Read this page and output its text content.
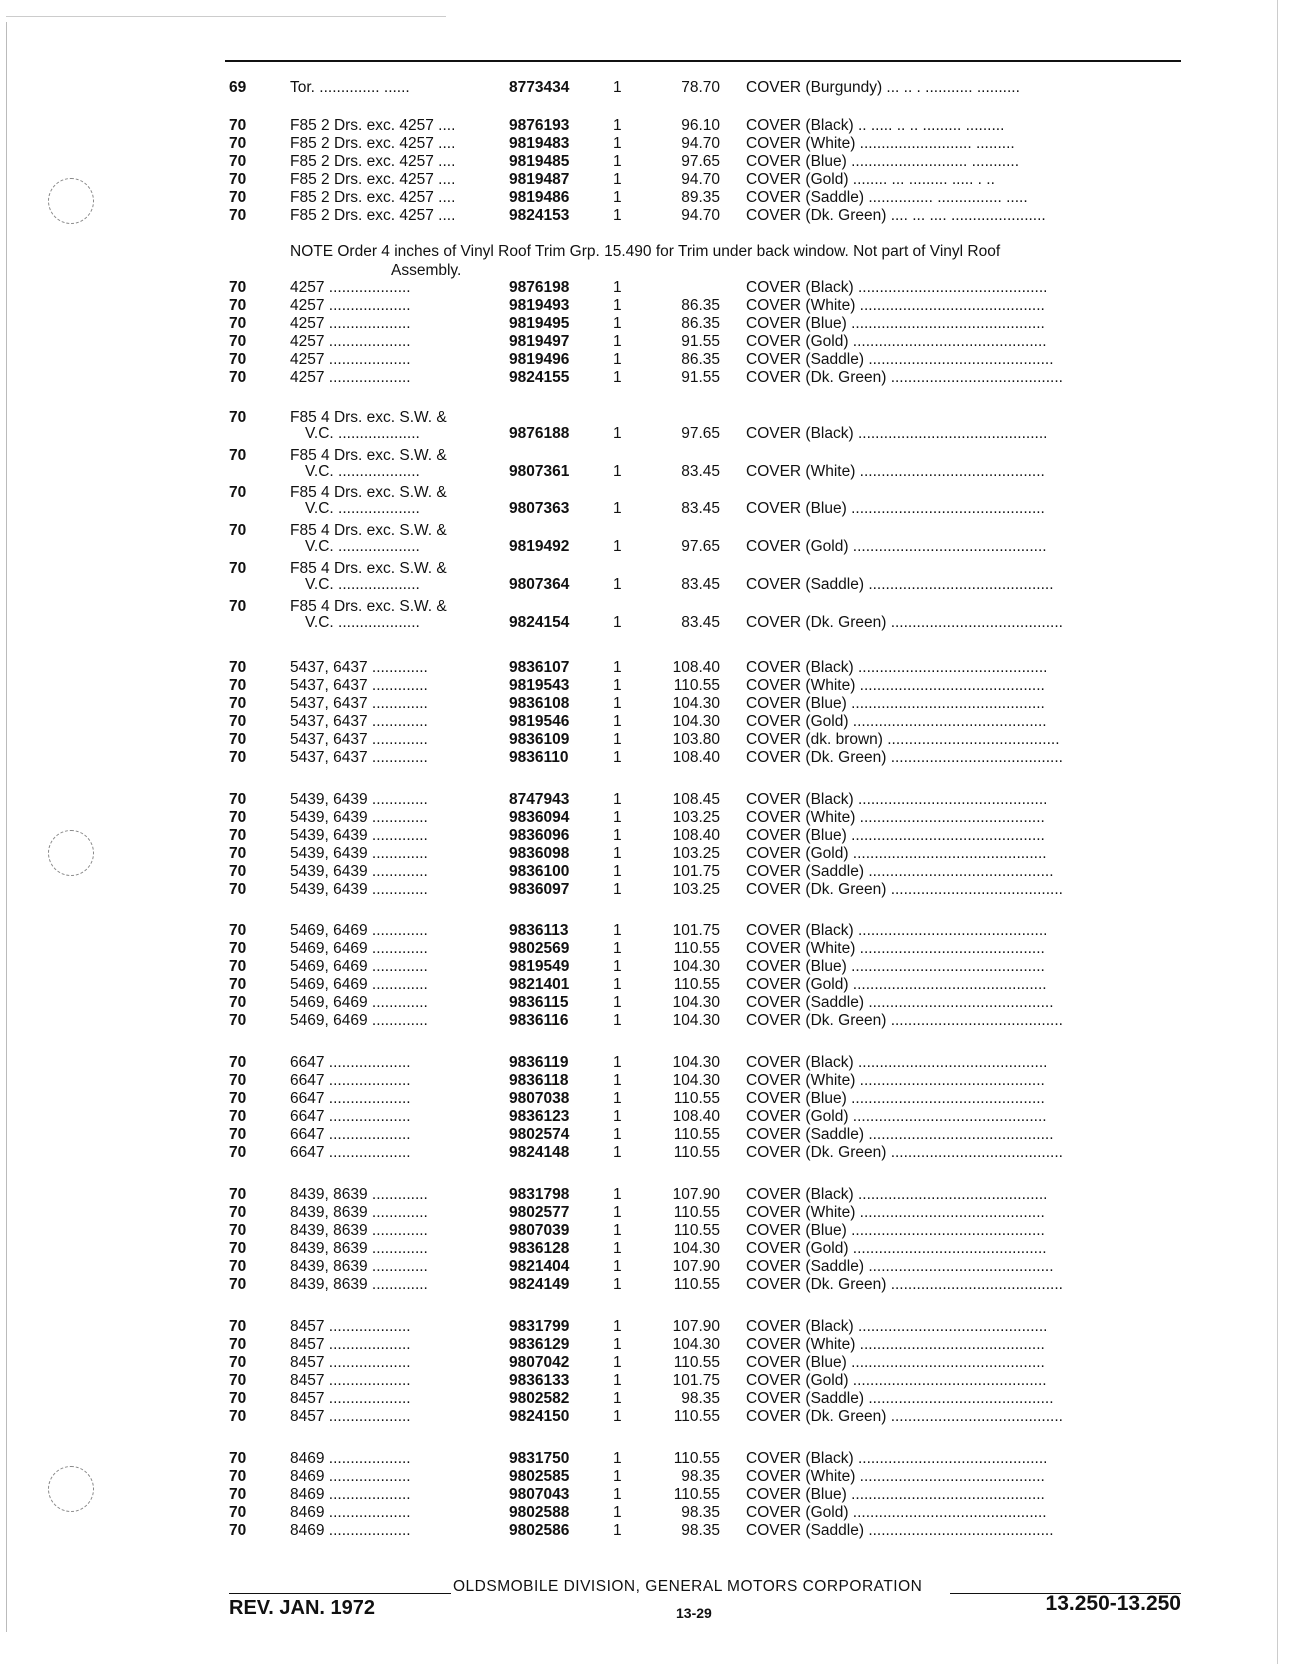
69	Tor. .............. ......	8773434	1	78.70 COVER (Burgundy) ... .. . ........... ..........
70	F85 2 Drs. exc. 4257 ....	9876193	1	96.10 COVER (Black) .. ..... .. .. ......... .........
70	F85 2 Drs. exc. 4257 ....	9819483	1	94.70 COVER (White) .......................... .........
70	F85 2 Drs. exc. 4257 ....	9819485	1	97.65 COVER (Blue) ........................... ...........
70	F85 2 Drs. exc. 4257 ....	9819487	1	94.70 COVER (Gold) ........ ... ......... ..... . ..
70	F85 2 Drs. exc. 4257 ....	9819486	1	89.35 COVER (Saddle) ............... ............... .....
70	F85 2 Drs. exc. 4257 ....	9824153	1	94.70 COVER (Dk. Green) .... ... .... ......................
70	4257 ...................	9876198	1	COVER (Black) ............................................
70	4257 ...................	9819493	1	86.35 COVER (White) ...........................................
70	4257 ...................	9819495	1	86.35 COVER (Blue) .............................................
70	4257 ...................	9819497	1	91.55 COVER (Gold) .............................................
70	4257 ...................	9819496	1	86.35 COVER (Saddle) ...........................................
70	4257 ...................	9824155	1	91.55 COVER (Dk. Green) ........................................
70	F85 4 Drs. exc. S.W. &
V.C. ...................	9876188	1	97.65 COVER (Black) ............................................
70	F85 4 Drs. exc. S.W. &
V.C. ...................	9807361	1	83.45 COVER (White) ...........................................
70	F85 4 Drs. exc. S.W. &
V.C. ...................	9807363	1	83.45 COVER (Blue) .............................................
70	F85 4 Drs. exc. S.W. &
V.C. ...................	9819492	1	97.65 COVER (Gold) .............................................
70	F85 4 Drs. exc. S.W. &
V.C. ...................	9807364	1	83.45 COVER (Saddle) ...........................................
70	F85 4 Drs. exc. S.W. &
V.C. ...................	9824154	1	83.45 COVER (Dk. Green) ........................................
70	5437, 6437 .............	9836107	1	108.40 COVER (Black) ............................................
70	5437, 6437 .............	9819543	1	110.55 COVER (White) ...........................................
70	5437, 6437 .............	9836108	1	104.30 COVER (Blue) .............................................
70	5437, 6437 .............	9819546	1	104.30 COVER (Gold) .............................................
70	5437, 6437 .............	9836109	1	103.80 COVER (dk. brown) ........................................
70	5437, 6437 .............	9836110	1	108.40 COVER (Dk. Green) ........................................
70	5439, 6439 .............	8747943	1	108.45 COVER (Black) ............................................
70	5439, 6439 .............	9836094	1	103.25 COVER (White) ...........................................
70	5439, 6439 .............	9836096	1	108.40 COVER (Blue) .............................................
70	5439, 6439 .............	9836098	1	103.25 COVER (Gold) .............................................
70	5439, 6439 .............	9836100	1	101.75 COVER (Saddle) ...........................................
70	5439, 6439 .............	9836097	1	103.25 COVER (Dk. Green) ........................................
70	5469, 6469 .............	9836113	1	101.75 COVER (Black) ............................................
70	5469, 6469 .............	9802569	1	110.55 COVER (White) ...........................................
70	5469, 6469 .............	9819549	1	104.30 COVER (Blue) .............................................
70	5469, 6469 .............	9821401	1	110.55 COVER (Gold) .............................................
70	5469, 6469 .............	9836115	1	104.30 COVER (Saddle) ...........................................
70	5469, 6469 .............	9836116	1	104.30 COVER (Dk. Green) ........................................
70	6647 ...................	9836119	1	104.30 COVER (Black) ............................................
70	6647 ...................	9836118	1	104.30 COVER (White) ...........................................
70	6647 ...................	9807038	1	110.55 COVER (Blue) .............................................
70	6647 ...................	9836123	1	108.40 COVER (Gold) .............................................
70	6647 ...................	9802574	1	110.55 COVER (Saddle) ...........................................
70	6647 ...................	9824148	1	110.55 COVER (Dk. Green) ........................................
70	8439, 8639 .............	9831798	1	107.90 COVER (Black) ............................................
70	8439, 8639 .............	9802577	1	110.55 COVER (White) ...........................................
70	8439, 8639 .............	9807039	1	110.55 COVER (Blue) .............................................
70	8439, 8639 .............	9836128	1	104.30 COVER (Gold) .............................................
70	8439, 8639 .............	9821404	1	107.90 COVER (Saddle) ...........................................
70	8439, 8639 .............	9824149	1	110.55 COVER (Dk. Green) ........................................
70	8457 ...................	9831799	1	107.90 COVER (Black) ............................................
70	8457 ...................	9836129	1	104.30 COVER (White) ...........................................
70	8457 ...................	9807042	1	110.55 COVER (Blue) .............................................
70	8457 ...................	9836133	1	101.75 COVER (Gold) .............................................
70	8457 ...................	9802582	1	98.35 COVER (Saddle) ...........................................
70	8457 ...................	9824150	1	110.55 COVER (Dk. Green) ........................................
70	8469 ...................	9831750	1	110.55 COVER (Black) ............................................
70	8469 ...................	9802585	1	98.35 COVER (White) ...........................................
70	8469 ...................	9807043	1	110.55 COVER (Blue) .............................................
70	8469 ...................	9802588	1	98.35 COVER (Gold) .............................................
70	8469 ...................	9802586	1	98.35 COVER (Saddle) ...........................................
NOTE Order 4 inches of Vinyl Roof Trim Grp. 15.490 for Trim under back window. Not part of Vinyl Roof
Assembly.
OLDSMOBILE DIVISION, GENERAL MOTORS CORPORATION
REV. JAN. 1972	13-29	13.250-13.250
